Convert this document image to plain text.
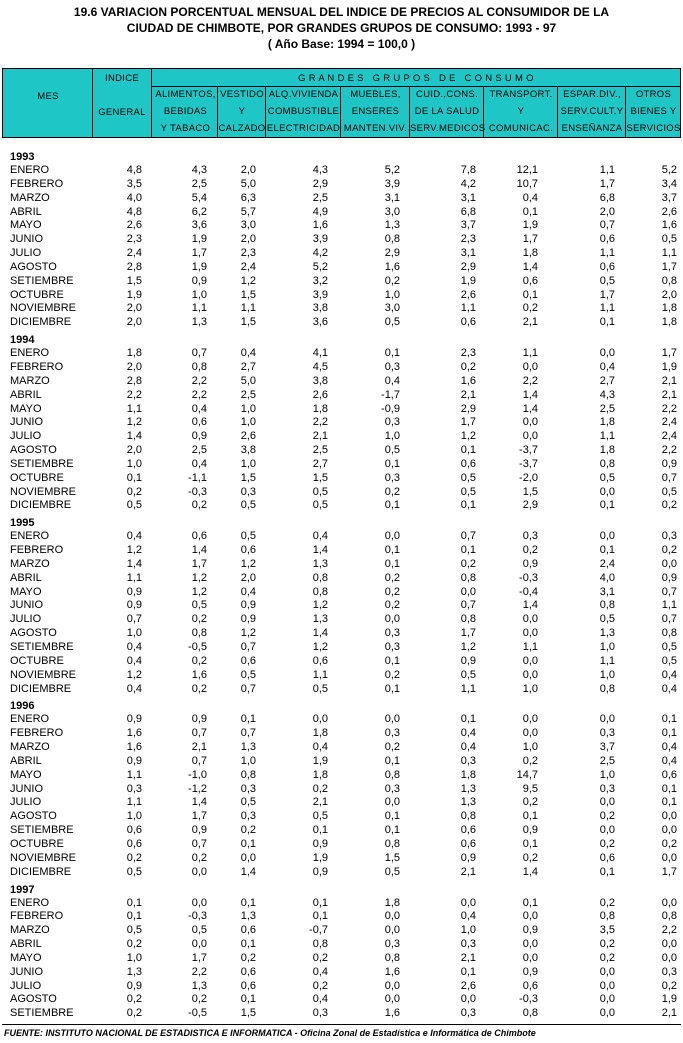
19.6 VARIACION PORCENTUAL MENSUAL DEL INDICE DE PRECIOS AL CONSUMIDOR DE LA
CIUDAD DE CHIMBOTE, POR GRANDES GRUPOS DE CONSUMO: 1993 - 97
( Año Base: 1994 = 100,0 )
MES
INDICE
GENERAL
G R A N D E S   G R U P O S   D E   C O N S U M O
ALIMENTOS,
BEBIDAS
Y TABACO
VESTIDO
Y
CALZADO
ALQ.VIVIENDA
COMBUSTIBLE
ELECTRICIDAD
MUEBLES,
ENSERES
MANTEN.VIV.
CUID.,CONS.
DE LA SALUD
SERV.MEDICOS
TRANSPORT.
Y
COMUNICAC.
ESPAR.DIV.,
SERV.CULT.Y
ENSEÑANZA
OTROS
BIENES Y
SERVICIOS
1993
ENERO	4,8	4,3	2,0	4,3	5,2	7,8	12,1	1,1	5,2
FEBRERO	3,5	2,5	5,0	2,9	3,9	4,2	10,7	1,7	3,4
MARZO	4,0	5,4	6,3	2,5	3,1	3,1	0,4	6,8	3,7
ABRIL	4,8	6,2	5,7	4,9	3,0	6,8	0,1	2,0	2,6
MAYO	2,6	3,6	3,0	1,6	1,3	3,7	1,9	0,7	1,6
JUNIO	2,3	1,9	2,0	3,9	0,8	2,3	1,7	0,6	0,5
JULIO	2,4	1,7	2,3	4,2	2,9	3,1	1,8	1,1	1,1
AGOSTO	2,8	1,9	2,4	5,2	1,6	2,9	1,4	0,6	1,7
SETIEMBRE	1,5	0,9	1,2	3,2	0,2	1,9	0,6	0,5	0,8
OCTUBRE	1,9	1,0	1,5	3,9	1,0	2,6	0,1	1,7	2,0
NOVIEMBRE	2,0	1,1	1,1	3,8	3,0	1,1	0,2	1,1	1,8
DICIEMBRE	2,0	1,3	1,5	3,6	0,5	0,6	2,1	0,1	1,8
1994
ENERO	1,8	0,7	0,4	4,1	0,1	2,3	1,1	0,0	1,7
FEBRERO	2,0	0,8	2,7	4,5	0,3	0,2	0,0	0,4	1,9
MARZO	2,8	2,2	5,0	3,8	0,4	1,6	2,2	2,7	2,1
ABRIL	2,2	2,2	2,5	2,6	-1,7	2,1	1,4	4,3	2,1
MAYO	1,1	0,4	1,0	1,8	-0,9	2,9	1,4	2,5	2,2
JUNIO	1,2	0,6	1,0	2,2	0,3	1,7	0,0	1,8	2,4
JULIO	1,4	0,9	2,6	2,1	1,0	1,2	0,0	1,1	2,4
AGOSTO	2,0	2,5	3,8	2,5	0,5	0,1	-3,7	1,8	2,2
SETIEMBRE	1,0	0,4	1,0	2,7	0,1	0,6	-3,7	0,8	0,9
OCTUBRE	0,1	-1,1	1,5	1,5	0,3	0,5	-2,0	0,5	0,7
NOVIEMBRE	0,2	-0,3	0,3	0,5	0,2	0,5	1,5	0,0	0,5
DICIEMBRE	0,5	0,2	0,5	0,5	0,1	0,1	2,9	0,1	0,2
1995
ENERO	0,4	0,6	0,5	0,4	0,0	0,7	0,3	0,0	0,3
FEBRERO	1,2	1,4	0,6	1,4	0,1	0,1	0,2	0,1	0,2
MARZO	1,4	1,7	1,2	1,3	0,1	0,2	0,9	2,4	0,0
ABRIL	1,1	1,2	2,0	0,8	0,2	0,8	-0,3	4,0	0,9
MAYO	0,9	1,2	0,4	0,8	0,2	0,0	-0,4	3,1	0,7
JUNIO	0,9	0,5	0,9	1,2	0,2	0,7	1,4	0,8	1,1
JULIO	0,7	0,2	0,9	1,3	0,0	0,8	0,0	0,5	0,7
AGOSTO	1,0	0,8	1,2	1,4	0,3	1,7	0,0	1,3	0,8
SETIEMBRE	0,4	-0,5	0,7	1,2	0,3	1,2	1,1	1,0	0,5
OCTUBRE	0,4	0,2	0,6	0,6	0,1	0,9	0,0	1,1	0,5
NOVIEMBRE	1,2	1,6	0,5	1,1	0,2	0,5	0,0	1,0	0,4
DICIEMBRE	0,4	0,2	0,7	0,5	0,1	1,1	1,0	0,8	0,4
1996
ENERO	0,9	0,9	0,1	0,0	0,0	0,1	0,0	0,0	0,1
FEBRERO	1,6	0,7	0,7	1,8	0,3	0,4	0,0	0,3	0,1
MARZO	1,6	2,1	1,3	0,4	0,2	0,4	1,0	3,7	0,4
ABRIL	0,9	0,7	1,0	1,9	0,1	0,3	0,2	2,5	0,4
MAYO	1,1	-1,0	0,8	1,8	0,8	1,8	14,7	1,0	0,6
JUNIO	0,3	-1,2	0,3	0,2	0,3	1,3	9,5	0,3	0,1
JULIO	1,1	1,4	0,5	2,1	0,0	1,3	0,2	0,0	0,1
AGOSTO	1,0	1,7	0,3	0,5	0,1	0,8	0,1	0,2	0,0
SETIEMBRE	0,6	0,9	0,2	0,1	0,1	0,6	0,9	0,0	0,0
OCTUBRE	0,6	0,7	0,1	0,9	0,8	0,6	0,1	0,2	0,2
NOVIEMBRE	0,2	0,2	0,0	1,9	1,5	0,9	0,2	0,6	0,0
DICIEMBRE	0,5	0,0	1,4	0,9	0,5	2,1	1,4	0,1	1,7
1997
ENERO	0,1	0,0	0,1	0,1	1,8	0,0	0,1	0,2	0,0
FEBRERO	0,1	-0,3	1,3	0,1	0,0	0,4	0,0	0,8	0,8
MARZO	0,5	0,5	0,6	-0,7	0,0	1,0	0,9	3,5	2,2
ABRIL	0,2	0,0	0,1	0,8	0,3	0,3	0,0	0,2	0,0
MAYO	1,0	1,7	0,2	0,2	0,8	2,1	0,0	0,2	0,0
JUNIO	1,3	2,2	0,6	0,4	1,6	0,1	0,9	0,0	0,3
JULIO	0,9	1,3	0,6	0,2	0,0	2,6	0,6	0,0	0,2
AGOSTO	0,2	0,2	0,1	0,4	0,0	0,0	-0,3	0,0	1,9
SETIEMBRE	0,2	-0,5	1,5	0,3	1,6	0,3	0,8	0,0	2,1
FUENTE: INSTITUTO NACIONAL DE ESTADISTICA E INFORMATICA - Oficina Zonal de Estadística e Informática de Chimbote
